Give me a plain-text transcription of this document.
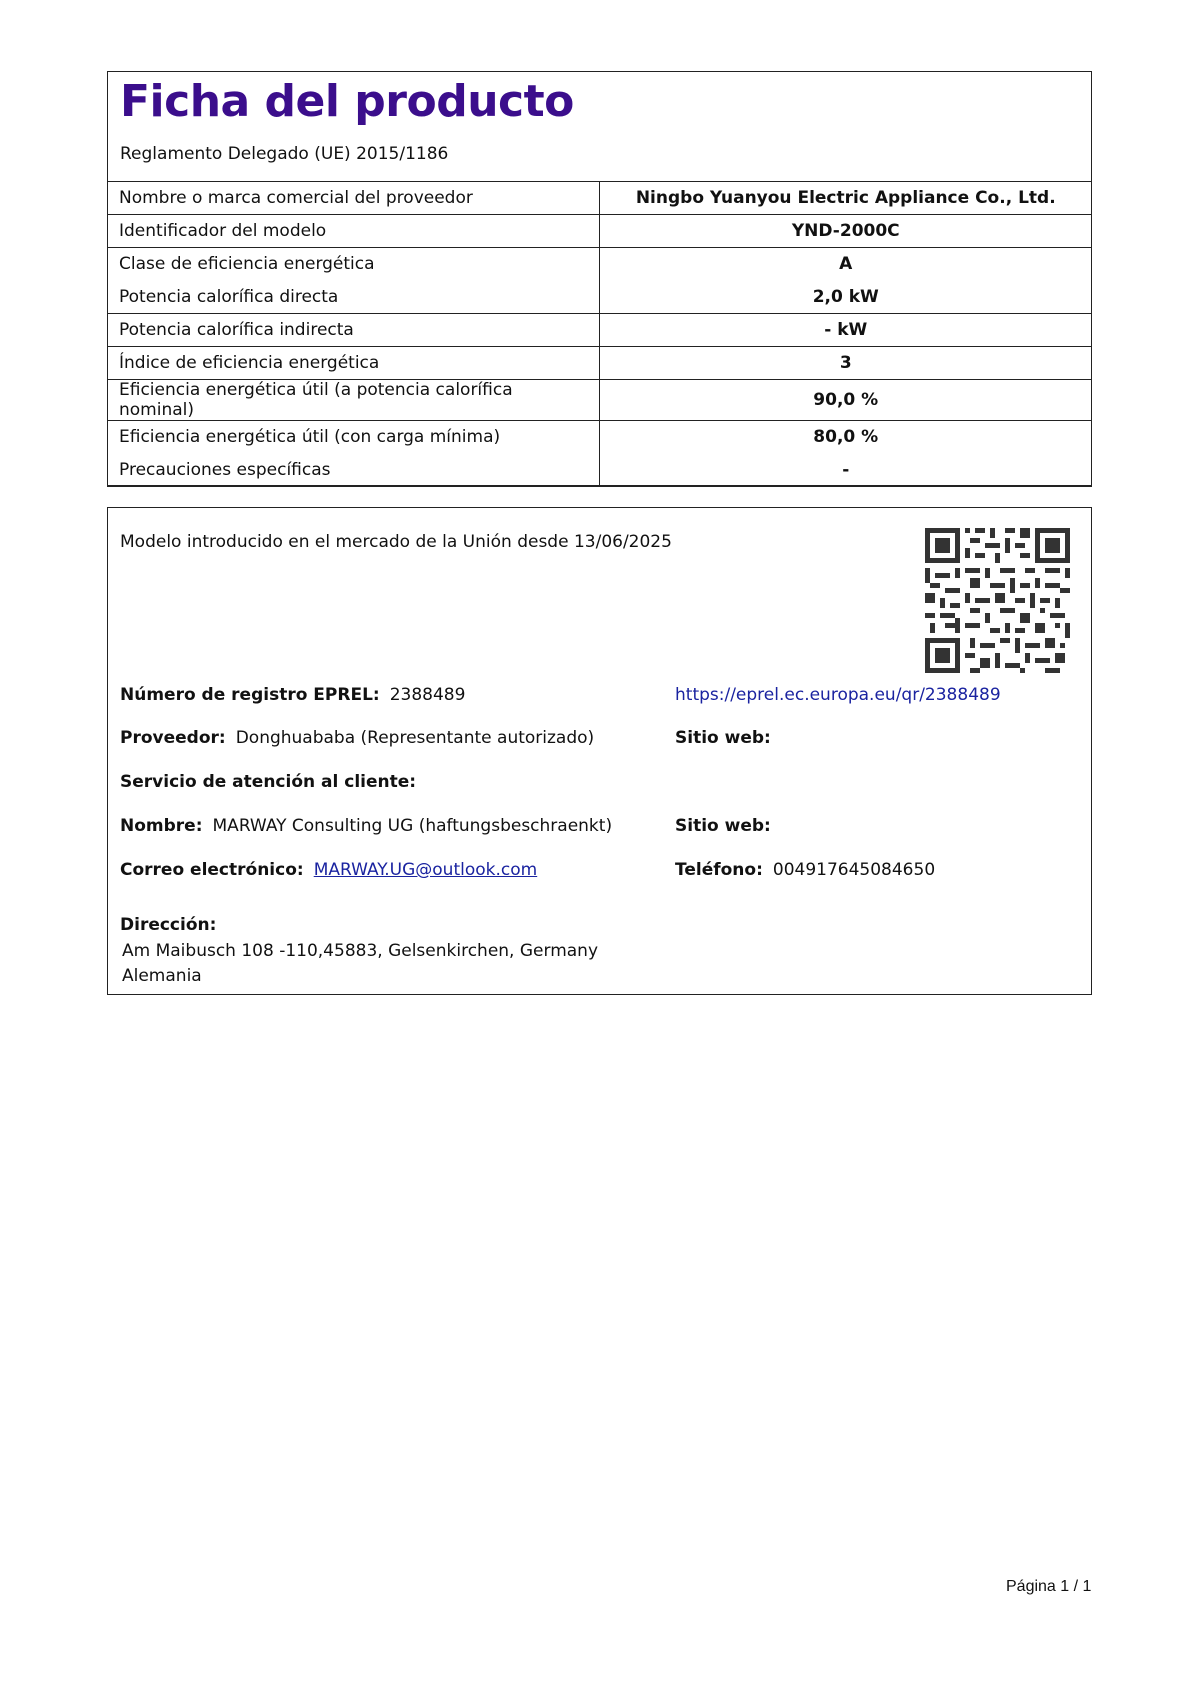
Ficha del producto
Reglamento Delegado (UE) 2015/1186
Nombre o marca comercial del proveedor	Ningbo Yuanyou Electric Appliance Co., Ltd.
Identificador del modelo	YND-2000C
Clase de eficiencia energética	A
Potencia calorífica directa	2,0 kW
Potencia calorífica indirecta	- kW
Índice de eficiencia energética	3
Eficiencia energética útil (a potencia calorífica nominal)	90,0 %
Eficiencia energética útil (con carga mínima)	80,0 %
Precauciones específicas	-
Modelo introducido en el mercado de la Unión desde 13/06/2025
Número de registro EPREL: 2388489	https://eprel.ec.europa.eu/qr/2388489
Proveedor: Donghuababa (Representante autorizado)	Sitio web:
Servicio de atención al cliente:
Nombre: MARWAY Consulting UG (haftungsbeschraenkt)	Sitio web:
Correo electrónico: MARWAY.UG@outlook.com	Teléfono: 004917645084650
Dirección:
Am Maibusch 108 -110,45883, Gelsenkirchen, Germany
Alemania
Página 1 / 1
